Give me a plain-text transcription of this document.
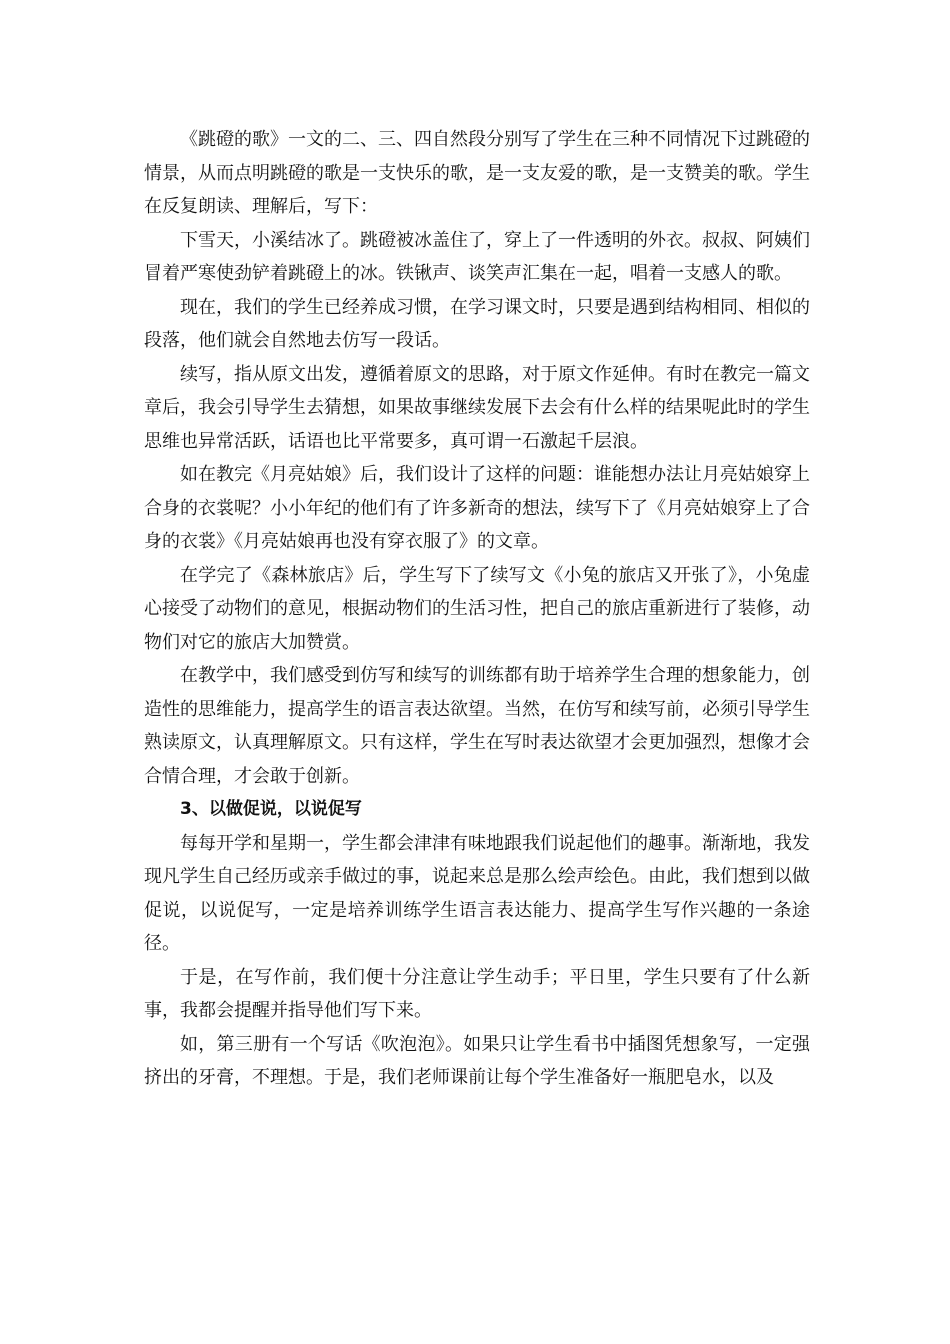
《跳磴的歌》一文的二、三、四自然段分别写了学生在三种不同情况下过跳磴的情景，从而点明跳磴的歌是一支快乐的歌，是一支友爱的歌，是一支赞美的歌。学生在反复朗读、理解后，写下：

下雪天，小溪结冰了。跳磴被冰盖住了，穿上了一件透明的外衣。叔叔、阿姨们冒着严寒使劲铲着跳磴上的冰。铁锹声、谈笑声汇集在一起，唱着一支感人的歌。

现在，我们的学生已经养成习惯，在学习课文时，只要是遇到结构相同、相似的段落，他们就会自然地去仿写一段话。

续写，指从原文出发，遵循着原文的思路，对于原文作延伸。有时在教完一篇文章后，我会引导学生去猜想，如果故事继续发展下去会有什么样的结果呢此时的学生思维也异常活跃，话语也比平常要多，真可谓一石激起千层浪。

如在教完《月亮姑娘》后，我们设计了这样的问题：谁能想办法让月亮姑娘穿上合身的衣裳呢？小小年纪的他们有了许多新奇的想法，续写下了《月亮姑娘穿上了合身的衣裳》《月亮姑娘再也没有穿衣服了》的文章。

在学完了《森林旅店》后，学生写下了续写文《小兔的旅店又开张了》，小兔虚心接受了动物们的意见，根据动物们的生活习性，把自己的旅店重新进行了装修，动物们对它的旅店大加赞赏。

在教学中，我们感受到仿写和续写的训练都有助于培养学生合理的想象能力，创造性的思维能力，提高学生的语言表达欲望。当然，在仿写和续写前，必须引导学生熟读原文，认真理解原文。只有这样，学生在写时表达欲望才会更加强烈，想像才会合情合理，才会敢于创新。

3、以做促说，以说促写

每每开学和星期一，学生都会津津有味地跟我们说起他们的趣事。渐渐地，我发现凡学生自己经历或亲手做过的事，说起来总是那么绘声绘色。由此，我们想到以做促说，以说促写，一定是培养训练学生语言表达能力、提高学生写作兴趣的一条途径。

于是，在写作前，我们便十分注意让学生动手；平日里，学生只要有了什么新事，我都会提醒并指导他们写下来。

如，第三册有一个写话《吹泡泡》。如果只让学生看书中插图凭想象写，一定强挤出的牙膏，不理想。于是，我们老师课前让每个学生准备好一瓶肥皂水，以及
